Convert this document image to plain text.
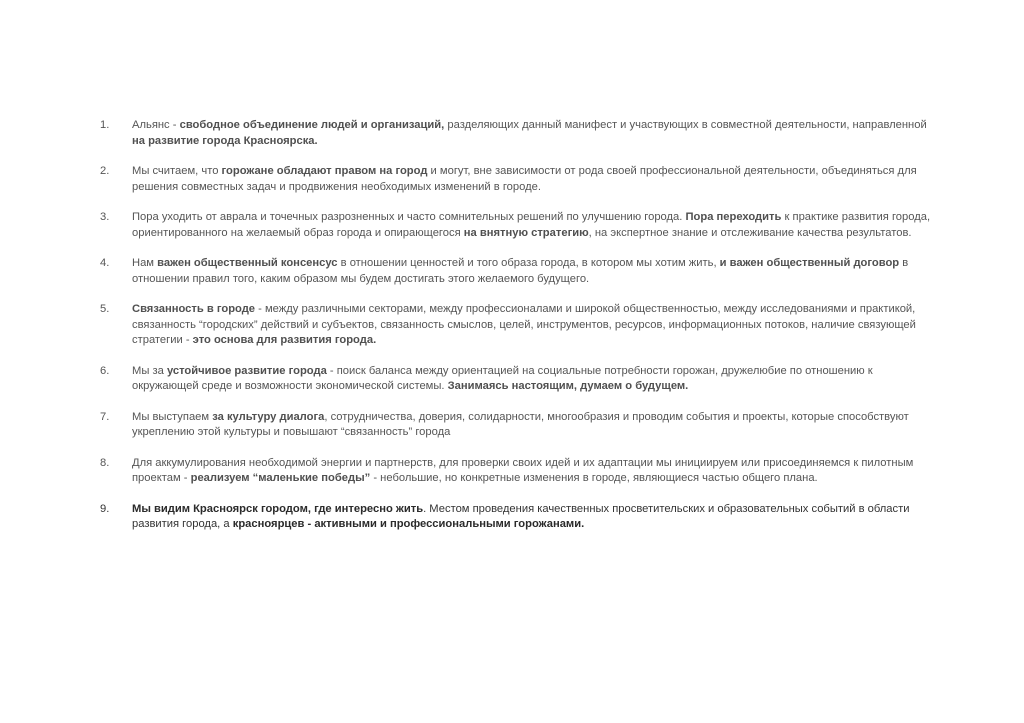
1.	Альянс - свободное объединение людей и организаций, разделяющих данный манифест и участвующих в совместной деятельности, направленной на развитие города Красноярска.
2.	Мы считаем, что горожане обладают правом на город и могут, вне зависимости от рода своей профессиональной деятельности, объединяться для решения совместных задач и продвижения необходимых изменений в городе.
3.	Пора уходить от аврала и точечных разрозненных и часто сомнительных решений по улучшению города. Пора переходить к практике развития города, ориентированного на желаемый образ города и опирающегося на внятную стратегию, на экспертное знание и отслеживание качества результатов.
4.	Нам важен общественный консенсус в отношении ценностей и того образа города, в котором мы хотим жить, и важен общественный договор в отношении правил того, каким образом мы будем достигать этого желаемого будущего.
5.	Связанность в городе - между различными секторами, между профессионалами и широкой общественностью, между исследованиями и практикой, связанность “городских” действий и субъектов, связанность смыслов, целей, инструментов, ресурсов, информационных потоков, наличие связующей стратегии - это основа для развития города.
6.	Мы за устойчивое развитие города - поиск баланса между ориентацией на социальные потребности горожан, дружелюбие по отношению к окружающей среде и возможности экономической системы. Занимаясь настоящим, думаем о будущем.
7.	Мы выступаем за культуру диалога, сотрудничества, доверия, солидарности, многообразия и проводим события и проекты, которые способствуют укреплению этой культуры и повышают “связанность” города
8.	Для аккумулирования необходимой энергии и партнерств, для проверки своих идей и их адаптации мы инициируем или присоединяемся к пилотным проектам - реализуем “маленькие победы” - небольшие, но конкретные изменения в городе, являющиеся частью общего плана.
9.	Мы видим Красноярск городом, где интересно жить. Местом проведения качественных просветительских и образовательных событий в области развития города, а красноярцев - активными и профессиональными горожанами.
